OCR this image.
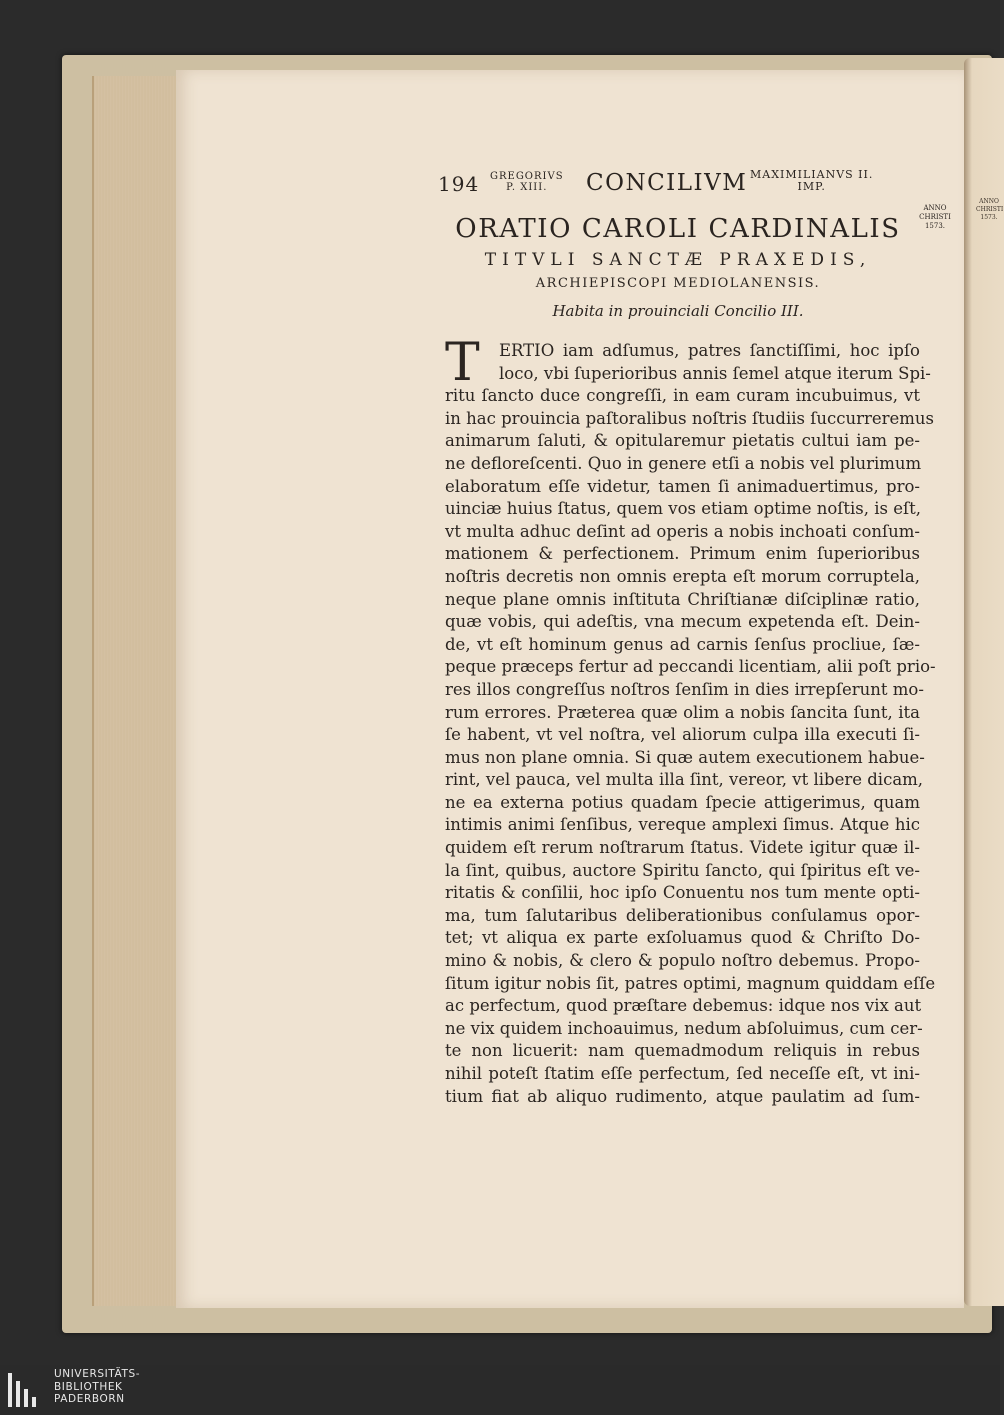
ANNO CHRISTI 1573.
194 GREGORIVS
P. XIII.	CONCILIVM MAXIMILIANVS II.
IMP.
ANNO
CHRISTI
1573.
ORATIO CAROLI CARDINALIS
TITVLI SANCTÆ PRAXEDIS,
ARCHIEPISCOPI MEDIOLANENSIS.
Habita in prouinciali Concilio III.
T	ERTIO iam adſumus, patres ſanctiſſimi, hoc ipſo
loco, vbi ſuperioribus annis ſemel atque iterum Spi-
ritu ſancto duce congreſſi, in eam curam incubuimus, vt
in hac prouincia paſtoralibus noſtris ſtudiis ſuccurreremus
animarum ſaluti, & opitularemur pietatis cultui iam pe-
ne defloreſcenti. Quo in genere etſi a nobis vel plurimum
elaboratum eſſe videtur, tamen ſi animaduertimus, pro-
uinciæ huius ſtatus, quem vos etiam optime noſtis, is eſt,
vt multa adhuc deſint ad operis a nobis inchoati conſum-
mationem & perfectionem. Primum enim ſuperioribus
noſtris decretis non omnis erepta eſt morum corruptela,
neque plane omnis inſtituta Chriſtianæ diſciplinæ ratio,
quæ vobis, qui adeſtis, vna mecum expetenda eſt. Dein-
de, vt eſt hominum genus ad carnis ſenſus procliue, ſæ-
peque præceps fertur ad peccandi licentiam, alii poſt prio-
res illos congreſſus noſtros ſenſim in dies irrepſerunt mo-
rum errores. Præterea quæ olim a nobis ſancita ſunt, ita
ſe habent, vt vel noſtra, vel aliorum culpa illa executi ſi-
mus non plane omnia. Si quæ autem executionem habue-
rint, vel pauca, vel multa illa ſint, vereor, vt libere dicam,
ne ea externa potius quadam ſpecie attigerimus, quam
intimis animi ſenſibus, vereque amplexi ſimus. Atque hic
quidem eſt rerum noſtrarum ſtatus. Videte igitur quæ il-
la ſint, quibus, auctore Spiritu ſancto, qui ſpiritus eſt ve-
ritatis & conſilii, hoc ipſo Conuentu nos tum mente opti-
ma, tum ſalutaribus deliberationibus conſulamus opor-
tet; vt aliqua ex parte exſoluamus quod & Chriſto Do-
mino & nobis, & clero & populo noſtro debemus. Propo-
ſitum igitur nobis ſit, patres optimi, magnum quiddam eſſe
ac perfectum, quod præſtare debemus: idque nos vix aut
ne vix quidem inchoauimus, nedum abſoluimus, cum cer-
te non licuerit: nam quemadmodum reliquis in rebus
nihil poteſt ſtatim eſſe perfectum, ſed neceſſe eſt, vt ini-
tium fiat ab aliquo rudimento, atque paulatim ad ſum-
UNIVERSITÄTS-
BIBLIOTHEK
PADERBORN
